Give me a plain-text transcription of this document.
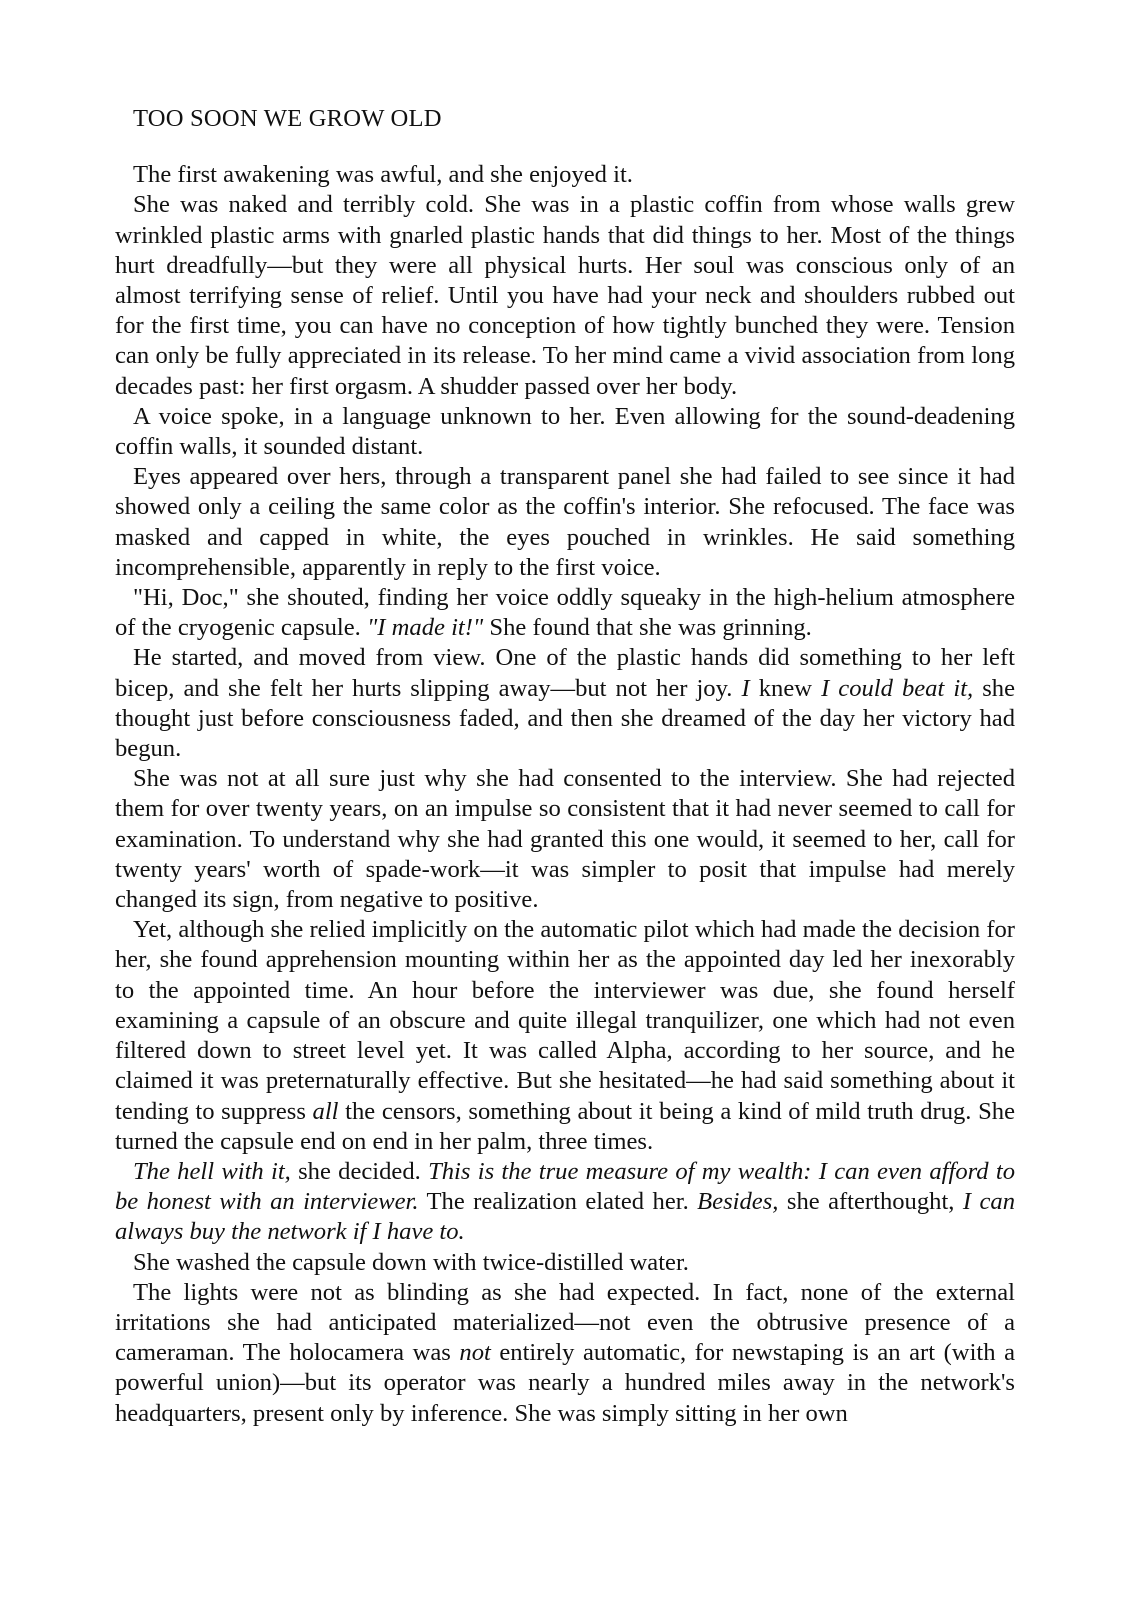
TOO SOON WE GROW OLD

The first awakening was awful, and she enjoyed it.

She was naked and terribly cold. She was in a plastic coffin from whose walls grew wrinkled plastic arms with gnarled plastic hands that did things to her. Most of the things hurt dreadfully—but they were all physical hurts. Her soul was conscious only of an almost terrifying sense of relief. Until you have had your neck and shoulders rubbed out for the first time, you can have no conception of how tightly bunched they were. Tension can only be fully appreciated in its release. To her mind came a vivid association from long decades past: her first orgasm. A shudder passed over her body.

A voice spoke, in a language unknown to her. Even allowing for the sound-deadening coffin walls, it sounded distant.

Eyes appeared over hers, through a transparent panel she had failed to see since it had showed only a ceiling the same color as the coffin's interior. She refocused. The face was masked and capped in white, the eyes pouched in wrinkles. He said something incomprehensible, apparently in reply to the first voice.

"Hi, Doc," she shouted, finding her voice oddly squeaky in the high-helium atmosphere of the cryogenic capsule. "I made it!" She found that she was grinning.

He started, and moved from view. One of the plastic hands did something to her left bicep, and she felt her hurts slipping away—but not her joy. I knew I could beat it, she thought just before consciousness faded, and then she dreamed of the day her victory had begun.

She was not at all sure just why she had consented to the interview. She had rejected them for over twenty years, on an impulse so consistent that it had never seemed to call for examination. To understand why she had granted this one would, it seemed to her, call for twenty years' worth of spade-work—it was simpler to posit that impulse had merely changed its sign, from negative to positive.

Yet, although she relied implicitly on the automatic pilot which had made the decision for her, she found apprehension mounting within her as the appointed day led her inexorably to the appointed time. An hour before the interviewer was due, she found herself examining a capsule of an obscure and quite illegal tranquilizer, one which had not even filtered down to street level yet. It was called Alpha, according to her source, and he claimed it was preternaturally effective. But she hesitated—he had said something about it tending to suppress all the censors, something about it being a kind of mild truth drug. She turned the capsule end on end in her palm, three times.

The hell with it, she decided. This is the true measure of my wealth: I can even afford to be honest with an interviewer. The realization elated her. Besides, she afterthought, I can always buy the network if I have to.

She washed the capsule down with twice-distilled water.

The lights were not as blinding as she had expected. In fact, none of the external irritations she had anticipated materialized—not even the obtrusive presence of a cameraman. The holocamera was not entirely automatic, for newstaping is an art (with a powerful union)—but its operator was nearly a hundred miles away in the network's headquarters, present only by inference. She was simply sitting in her own
